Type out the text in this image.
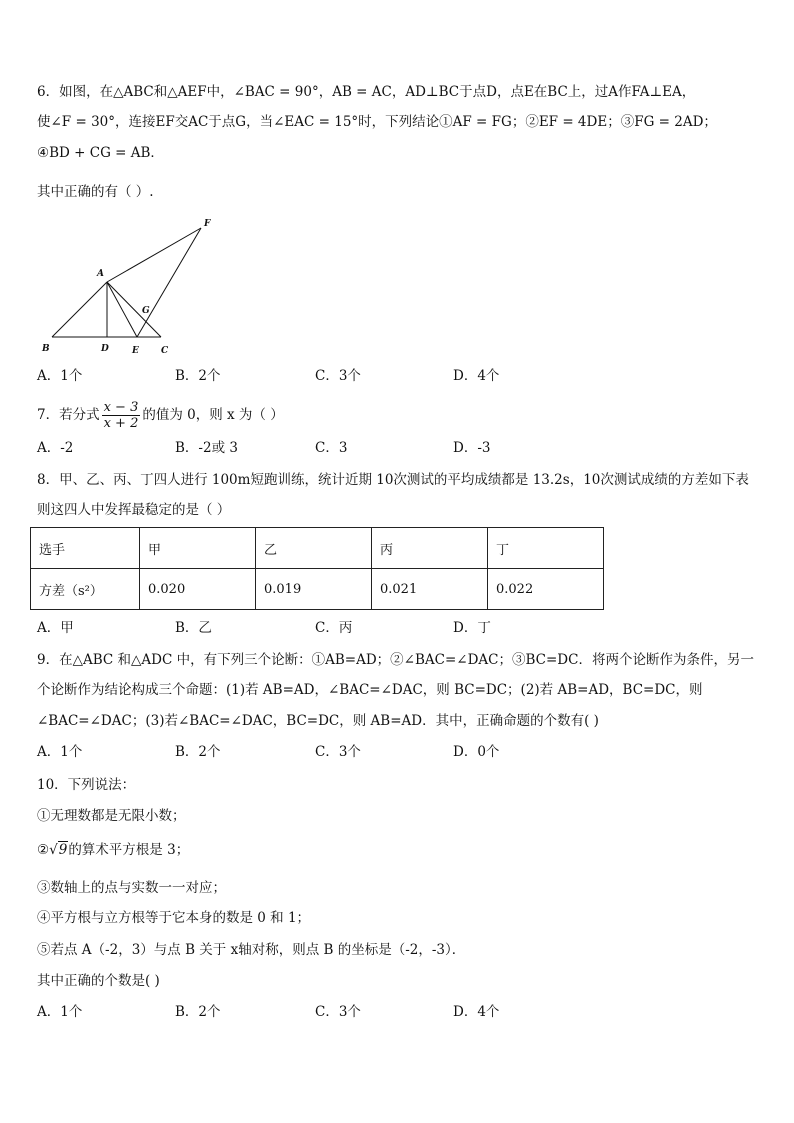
6．如图，在△ABC和△AEF中，∠BAC = 90°，AB = AC，AD⊥BC于点D，点E在BC上，过A作FA⊥EA，
使∠F = 30°，连接EF交AC于点G，当∠EAC = 15°时，下列结论①AF = FG；②EF = 4DE；③FG = 2AD；
④BD + CG = AB．
其中正确的有（ ）.
A
B	C
D	E
F
G
A．1个	B．2个	C．3个	D．4个
7．若分式 $\frac{x - 3}{x + 2}$ 的值为 0，则 x 为（ ）
A．-2	B．-2或 3	C．3	D．-3
8．甲、乙、丙、丁四人进行 100m短跑训练，统计近期 10次测试的平均成绩都是 13.2s，10次测试成绩的方差如下表
则这四人中发挥最稳定的是（ ）
选手	甲	乙	丙	丁
方差（s²）	0.020	0.019	0.021	0.022
A．甲	B．乙	C．丙	D．丁
9．在△ABC 和△ADC 中，有下列三个论断：①AB=AD；②∠BAC=∠DAC；③BC=DC．将两个论断作为条件，另一
个论断作为结论构成三个命题：(1)若 AB=AD，∠BAC=∠DAC，则 BC=DC；(2)若 AB=AD，BC=DC，则
∠BAC=∠DAC；(3)若∠BAC=∠DAC，BC=DC，则 AB=AD．其中，正确命题的个数有( )
A．1个	B．2个	C．3个	D．0个
10．下列说法：
①无理数都是无限小数；
②√9的算术平方根是 3；
③数轴上的点与实数一一对应；
④平方根与立方根等于它本身的数是 0 和 1；
⑤若点 A（-2，3）与点 B 关于 x轴对称，则点 B 的坐标是（-2，-3）．
其中正确的个数是( )
A．1个	B．2个	C．3个	D．4个
